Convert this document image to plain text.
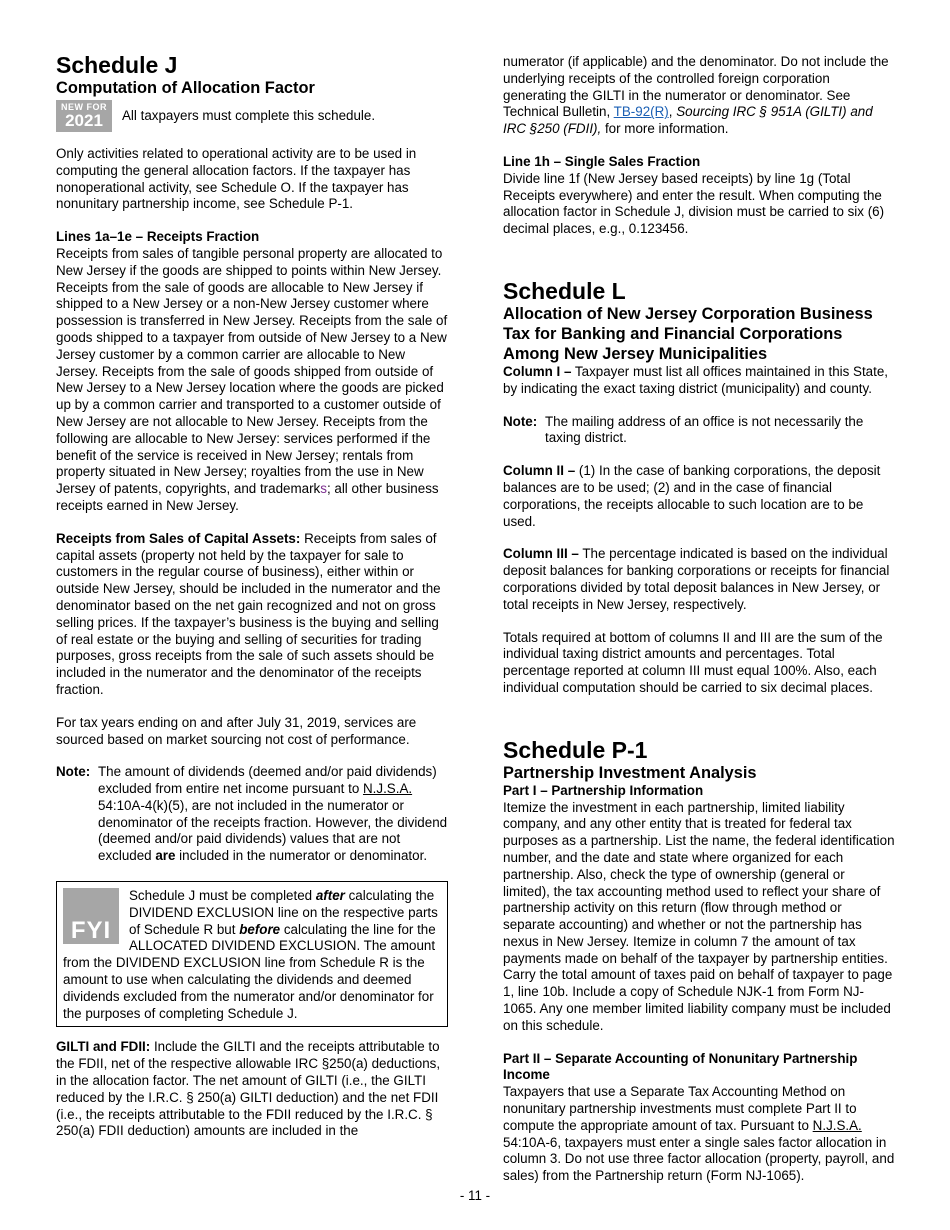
Schedule J
Computation of Allocation Factor
NEW FOR
2021 All taxpayers must complete this schedule.

Only activities related to operational activity are to be used in computing the general allocation factors. If the taxpayer has nonoperational activity, see Schedule O. If the taxpayer has nonunitary partnership income, see Schedule P-1.

Lines 1a–1e – Receipts Fraction

Receipts from sales of tangible personal property are allocated to New Jersey if the goods are shipped to points within New Jersey. Receipts from the sale of goods are allocable to New Jersey if shipped to a New Jersey or a non-New Jersey customer where possession is transferred in New Jersey. Receipts from the sale of goods shipped to a taxpayer from outside of New Jersey to a New Jersey customer by a common carrier are allocable to New Jersey. Receipts from the sale of goods shipped from outside of New Jersey to a New Jersey location where the goods are picked up by a common carrier and transported to a customer outside of New Jersey are not allocable to New Jersey. Receipts from the following are allocable to New Jersey: services performed if the benefit of the service is received in New Jersey; rentals from property situated in New Jersey; royalties from the use in New Jersey of patents, copyrights, and trademarks; all other business receipts earned in New Jersey.

Receipts from Sales of Capital Assets: Receipts from sales of capital assets (property not held by the taxpayer for sale to customers in the regular course of business), either within or outside New Jersey, should be included in the numerator and the denominator based on the net gain recognized and not on gross selling prices. If the taxpayer’s business is the buying and selling of real estate or the buying and selling of securities for trading purposes, gross receipts from the sale of such assets should be included in the numerator and the denominator of the receipts fraction.

For tax years ending on and after July 31, 2019, services are sourced based on market sourcing not cost of performance.

Note: The amount of dividends (deemed and/or paid dividends) excluded from entire net income pursuant to N.J.S.A. 54:10A-4(k)(5), are not included in the numerator or denominator of the receipts fraction. However, the dividend (deemed and/or paid dividends) values that are not excluded are included in the numerator or denominator.
FYI
Schedule J must be completed after calculating the DIVIDEND EXCLUSION line on the respective parts of Schedule R but before calculating the line for the ALLOCATED DIVIDEND EXCLUSION. The amount from the DIVIDEND EXCLUSION line from Schedule R is the amount to use when calculating the dividends and deemed dividends excluded from the numerator and/or denominator for the purposes of completing Schedule J.

GILTI and FDII: Include the GILTI and the receipts attributable to the FDII, net of the respective allowable IRC §250(a) deductions, in the allocation factor. The net amount of GILTI (i.e., the GILTI reduced by the I.R.C. § 250(a) GILTI deduction) and the net FDII (i.e., the receipts attributable to the FDII reduced by the I.R.C. § 250(a) FDII deduction) amounts are included in the

numerator (if applicable) and the denominator. Do not include the underlying receipts of the controlled foreign corporation generating the GILTI in the numerator or denominator. See Technical Bulletin, TB-92(R), Sourcing IRC § 951A (GILTI) and IRC §250 (FDII), for more information.

Line 1h – Single Sales Fraction

Divide line 1f (New Jersey based receipts) by line 1g (Total Receipts everywhere) and enter the result. When computing the allocation factor in Schedule J, division must be carried to six (6) decimal places, e.g., 0.123456.

Schedule L
Allocation of New Jersey Corporation Business Tax for Banking and Financial Corporations Among New Jersey Municipalities

Column I – Taxpayer must list all offices maintained in this State, by indicating the exact taxing district (municipality) and county.

Note: The mailing address of an office is not necessarily the taxing district.

Column II – (1) In the case of banking corporations, the deposit balances are to be used; (2) and in the case of financial corporations, the receipts allocable to such location are to be used.

Column III – The percentage indicated is based on the individual deposit balances for banking corporations or receipts for financial corporations divided by total deposit balances in New Jersey, or total receipts in New Jersey, respectively.

Totals required at bottom of columns II and III are the sum of the individual taxing district amounts and percentages. Total percentage reported at column III must equal 100%. Also, each individual computation should be carried to six decimal places.

Schedule P-1
Partnership Investment Analysis
Part I – Partnership Information

Itemize the investment in each partnership, limited liability company, and any other entity that is treated for federal tax purposes as a partnership. List the name, the federal identification number, and the date and state where organized for each partnership. Also, check the type of ownership (general or limited), the tax accounting method used to reflect your share of partnership activity on this return (flow through method or separate accounting) and whether or not the partnership has nexus in New Jersey. Itemize in column 7 the amount of tax payments made on behalf of the taxpayer by partnership entities. Carry the total amount of taxes paid on behalf of taxpayer to page 1, line 10b. Include a copy of Schedule NJK-1 from Form NJ-1065. Any one member limited liability company must be included on this schedule.

Part II – Separate Accounting of Nonunitary Partnership Income

Taxpayers that use a Separate Tax Accounting Method on nonunitary partnership investments must complete Part II to compute the appropriate amount of tax. Pursuant to N.J.S.A. 54:10A-6, taxpayers must enter a single sales factor allocation in column 3. Do not use three factor allocation (property, payroll, and sales) from the Partnership return (Form NJ-1065).

- 11 -
